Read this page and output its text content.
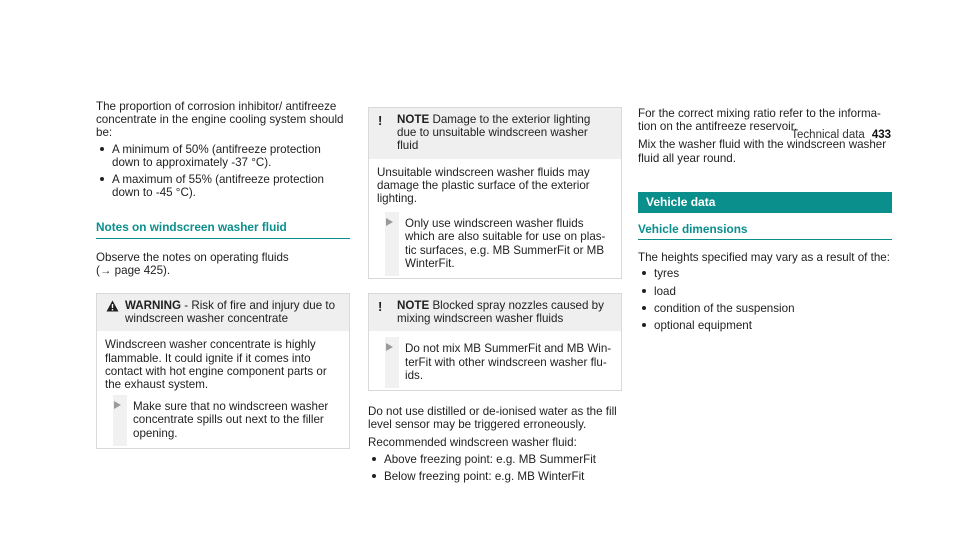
Technical data 433

The proportion of corrosion inhibitor/ antifreeze
concentrate in the engine cooling system should
be:

A minimum of 50% (antifreeze protection
down to approximately -37 °C).
A maximum of 55% (antifreeze protection
down to -45 °C).

Notes on windscreen washer fluid

Observe the notes on operating fluids
(→ page 425).

WARNING - Risk of fire and injury due to
windscreen washer concentrate

Windscreen washer concentrate is highly
flammable. It could ignite if it comes into
contact with hot engine component parts or
the exhaust system.

Make sure that no windscreen washer
concentrate spills out next to the filler
opening.
! NOTE Damage to the exterior lighting
due to unsuitable windscreen washer
fluid

Unsuitable windscreen washer fluids may
damage the plastic surface of the exterior
lighting.

Only use windscreen washer fluids
which are also suitable for use on plas-
tic surfaces, e.g. MB SummerFit or MB
WinterFit.
! NOTE Blocked spray nozzles caused by
mixing windscreen washer fluids
Do not mix MB SummerFit and MB Win-
terFit with other windscreen washer flu-
ids.

Do not use distilled or de-ionised water as the fill
level sensor may be triggered erroneously.

Recommended windscreen washer fluid:

Above freezing point: e.g. MB SummerFit
Below freezing point: e.g. MB WinterFit

For the correct mixing ratio refer to the informa-
tion on the antifreeze reservoir.

Mix the washer fluid with the windscreen washer
fluid all year round.

Vehicle data

Vehicle dimensions

The heights specified may vary as a result of the:

tyres
load
condition of the suspension
optional equipment
